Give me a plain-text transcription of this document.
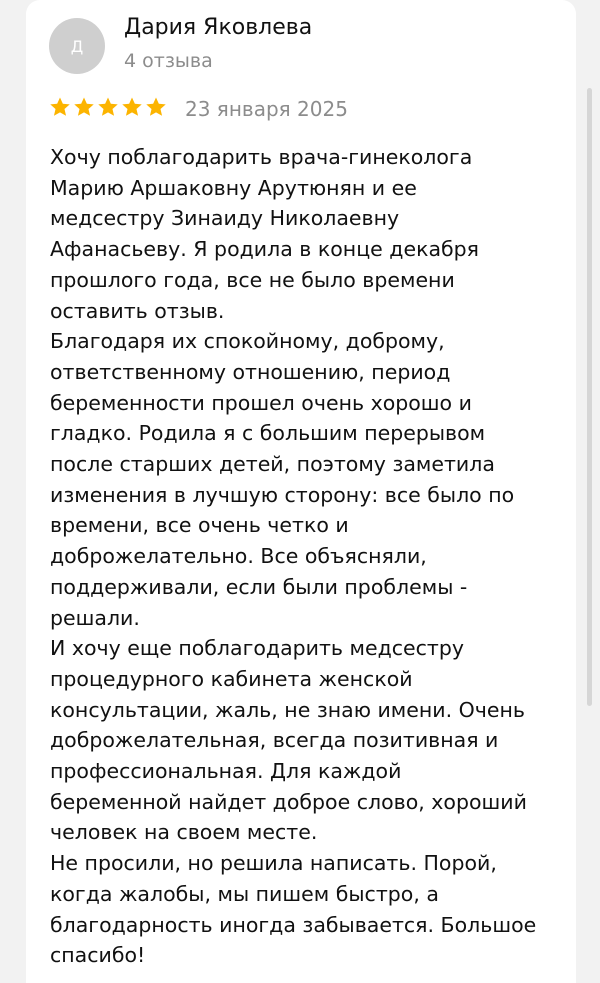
Д
Дария Яковлева
4 отзыва
23 января 2025

Хочу поблагодарить врача-гинеколога
Марию Аршаковну Арутюнян и ее
медсестру Зинаиду Николаевну
Афанасьеву. Я родила в конце декабря
прошлого года, все не было времени
оставить отзыв.
Благодаря их спокойному, доброму,
ответственному отношению, период
беременности прошел очень хорошо и
гладко. Родила я с большим перерывом
после старших детей, поэтому заметила
изменения в лучшую сторону: все было по
времени, все очень четко и
доброжелательно. Все объясняли,
поддерживали, если были проблемы -
решали.
И хочу еще поблагодарить медсестру
процедурного кабинета женской
консультации, жаль, не знаю имени. Очень
доброжелательная, всегда позитивная и
профессиональная. Для каждой
беременной найдет доброе слово, хороший
человек на своем месте.
Не просили, но решила написать. Порой,
когда жалобы, мы пишем быстро, а
благодарность иногда забывается. Большое
спасибо!
